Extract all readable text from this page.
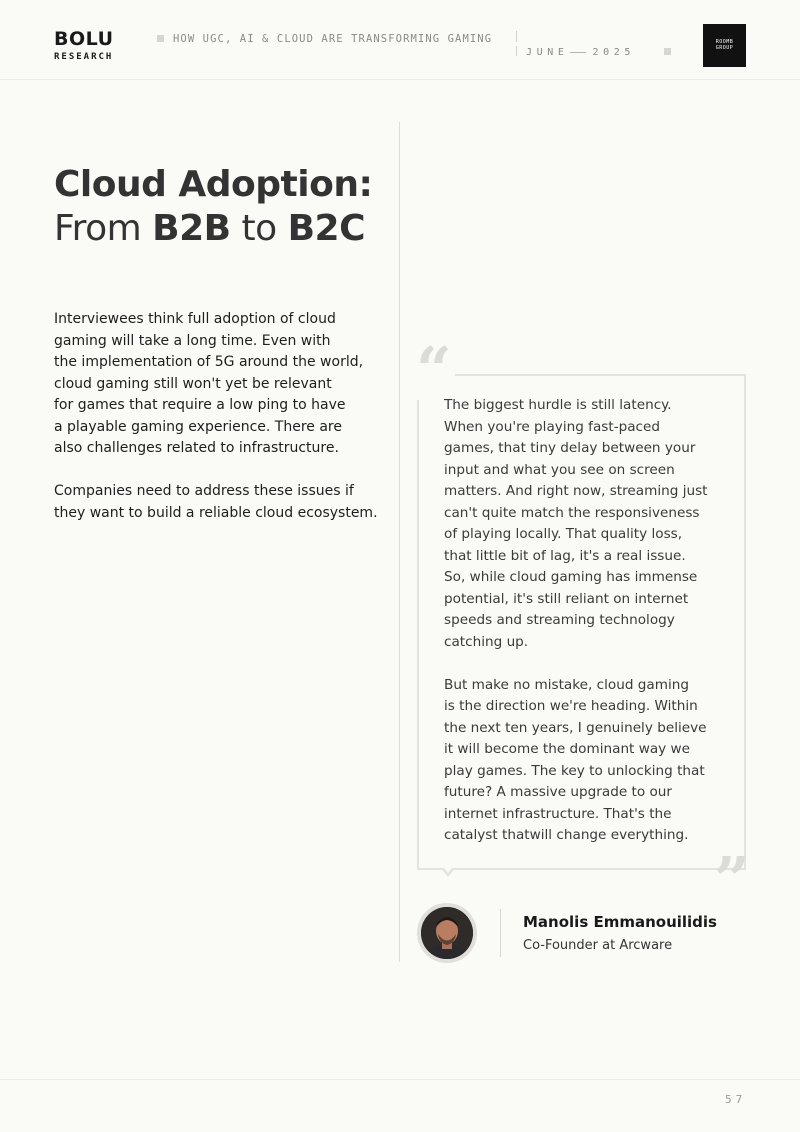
BOLU
RESEARCH
HOW UGC, AI & CLOUD ARE TRANSFORMING GAMING
JUNE 2025
ROOMB
GROUP
Cloud Adoption:
From B2B to B2C

Interviewees think full adoption of cloud
gaming will take a long time. Even with
the implementation of 5G around the world,
cloud gaming still won't yet be relevant
for games that require a low ping to have
a playable gaming experience. There are
also challenges related to infrastructure.

Companies need to address these issues if
they want to build a reliable cloud ecosystem.

“
”

The biggest hurdle is still latency.
When you're playing fast-paced
games, that tiny delay between your
input and what you see on screen
matters. And right now, streaming just
can't quite match the responsiveness
of playing locally. That quality loss,
that little bit of lag, it's a real issue.
So, while cloud gaming has immense
potential, it's still reliant on internet
speeds and streaming technology
catching up.

But make no mistake, cloud gaming
is the direction we're heading. Within
the next ten years, I genuinely believe
it will become the dominant way we
play games. The key to unlocking that
future? A massive upgrade to our
internet infrastructure. That's the
catalyst thatwill change everything.

Manolis Emmanouilidis
Co-Founder at Arcware
57
